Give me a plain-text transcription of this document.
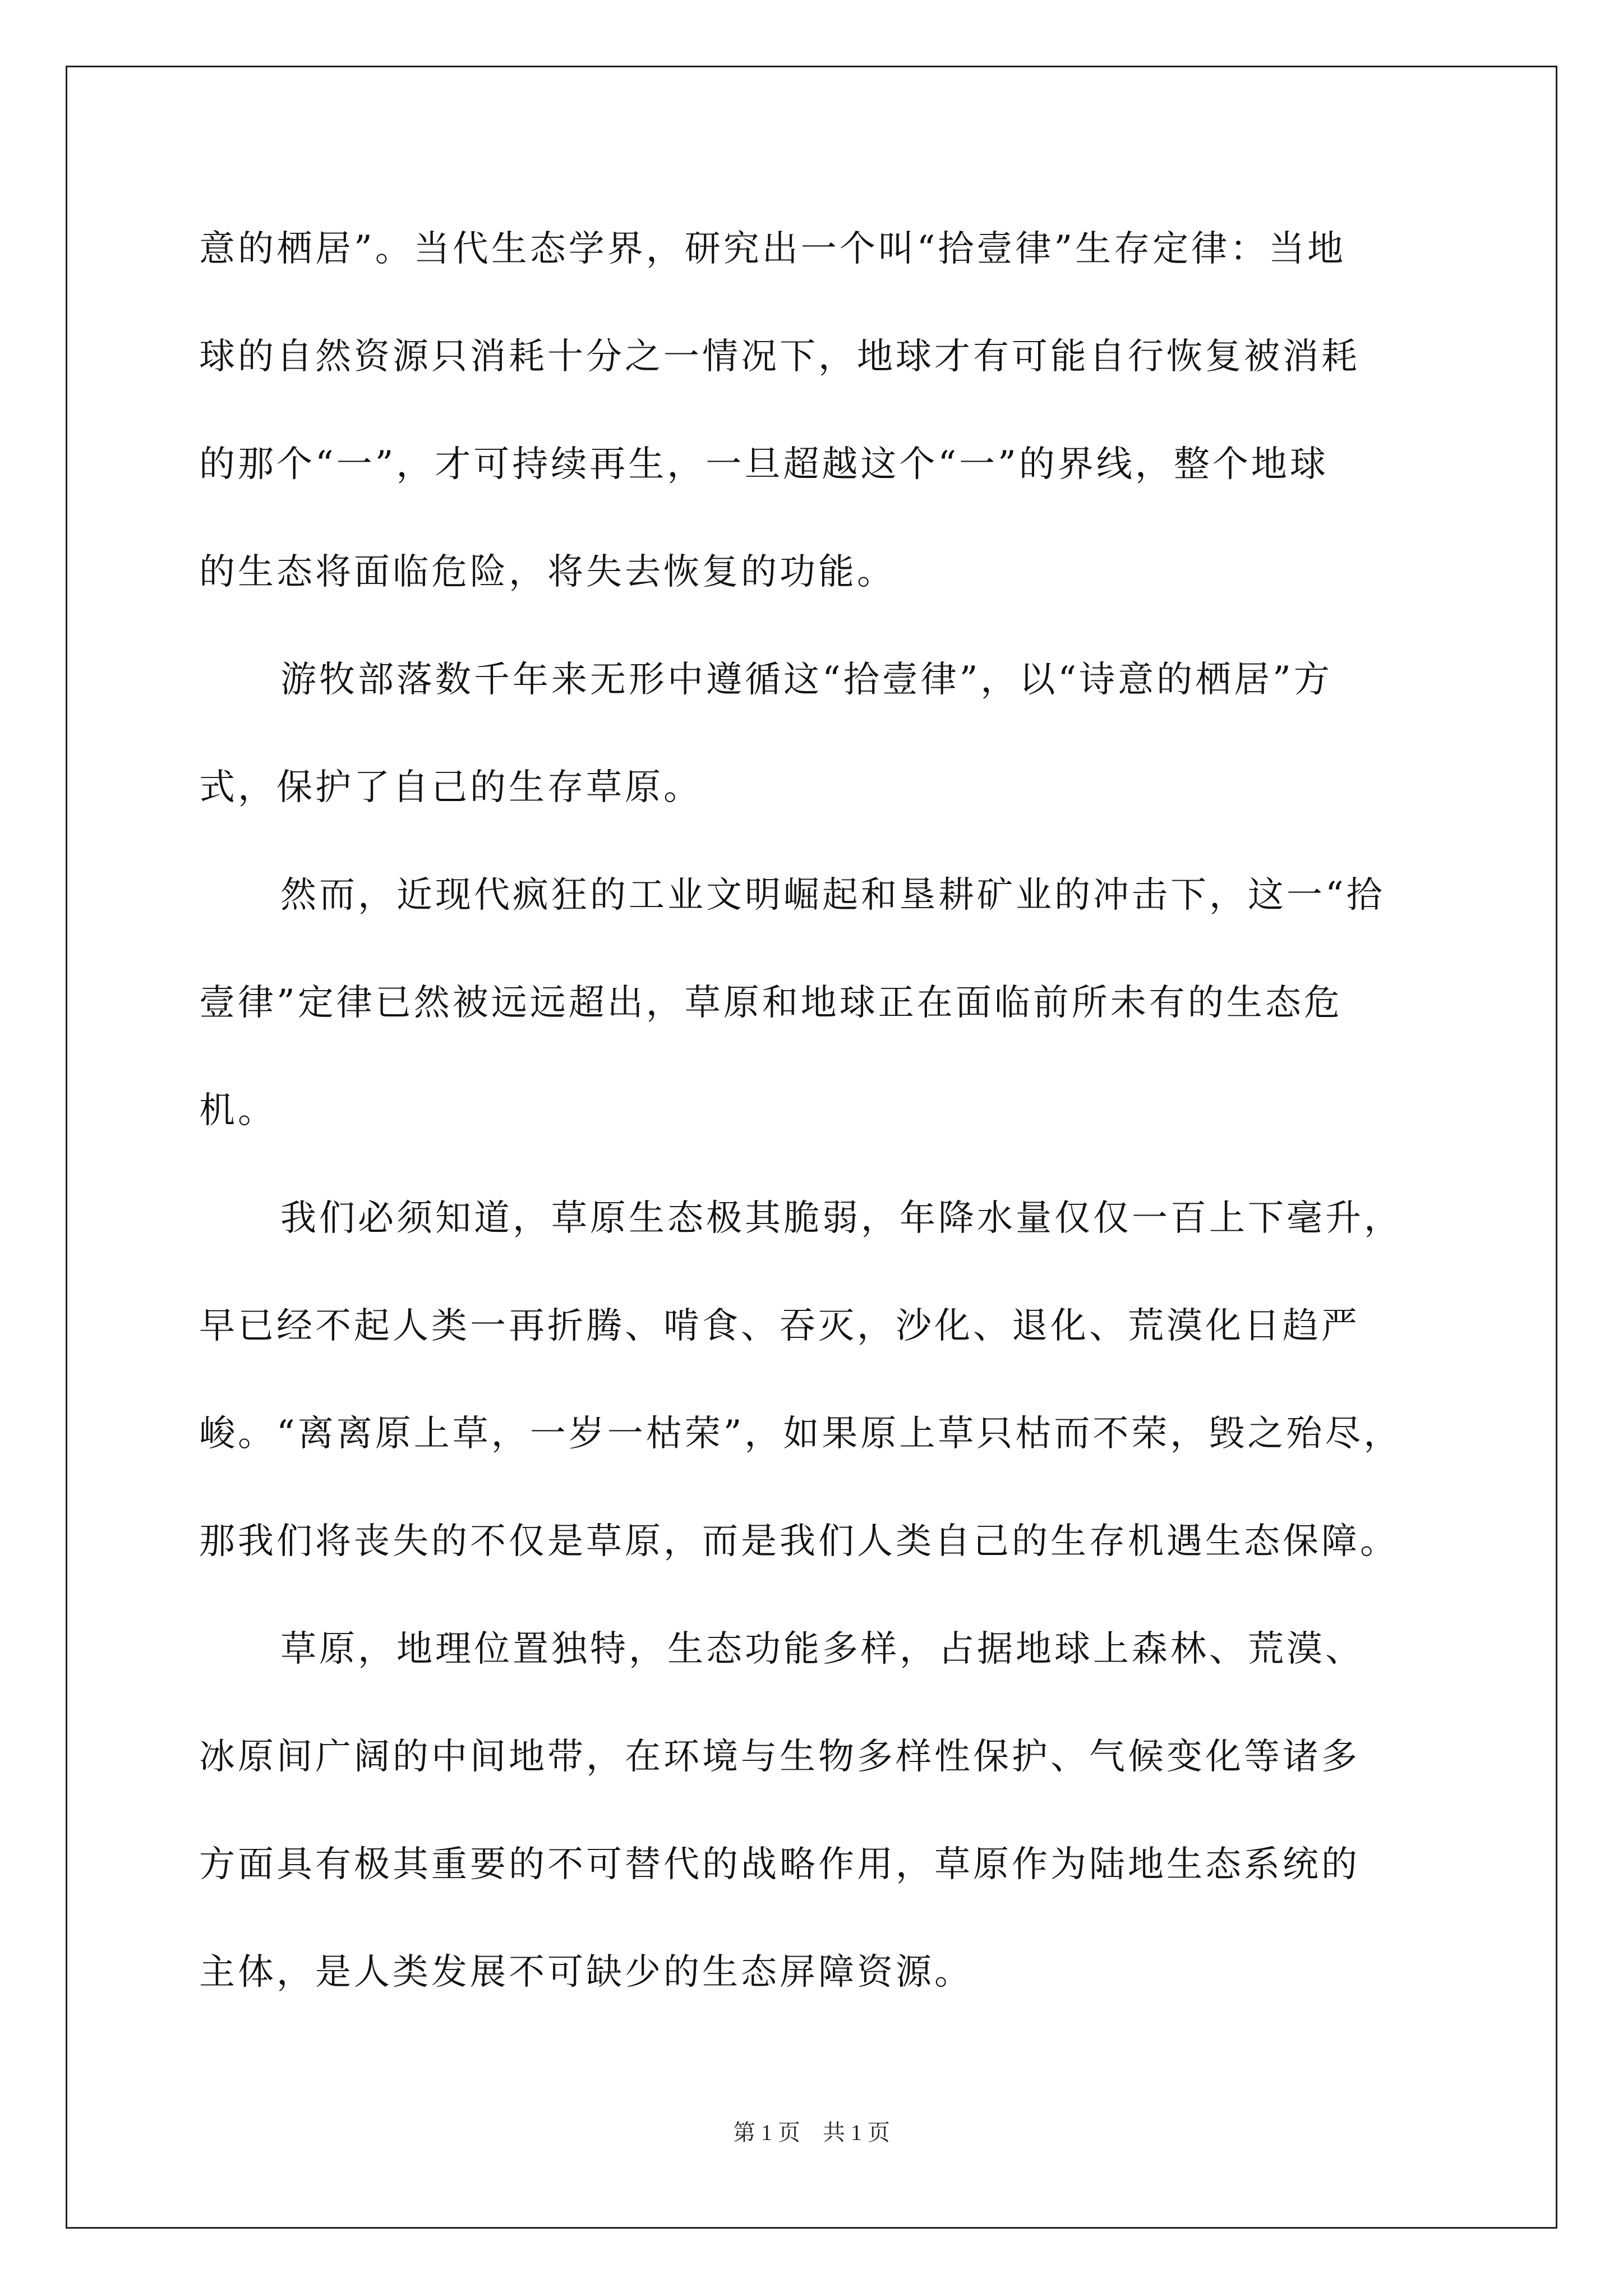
意的栖居”。当代生态学界，研究出一个叫“拾壹律”生存定律：当地
球的自然资源只消耗十分之一情况下，地球才有可能自行恢复被消耗
的那个“一”，才可持续再生，一旦超越这个“一”的界线，整个地球
的生态将面临危险，将失去恢复的功能。
游牧部落数千年来无形中遵循这“拾壹律”，以“诗意的栖居”方
式，保护了自己的生存草原。
然而，近现代疯狂的工业文明崛起和垦耕矿业的冲击下，这一“拾
壹律”定律已然被远远超出，草原和地球正在面临前所未有的生态危
机。
我们必须知道，草原生态极其脆弱，年降水量仅仅一百上下毫升，
早已经不起人类一再折腾、啃食、吞灭，沙化、退化、荒漠化日趋严
峻。“离离原上草，一岁一枯荣”，如果原上草只枯而不荣，毁之殆尽，
那我们将丧失的不仅是草原，而是我们人类自己的生存机遇生态保障。
草原，地理位置独特，生态功能多样，占据地球上森林、荒漠、
冰原间广阔的中间地带，在环境与生物多样性保护、气候变化等诸多
方面具有极其重要的不可替代的战略作用，草原作为陆地生态系统的
主体，是人类发展不可缺少的生态屏障资源。
第 1 页    共 1 页
